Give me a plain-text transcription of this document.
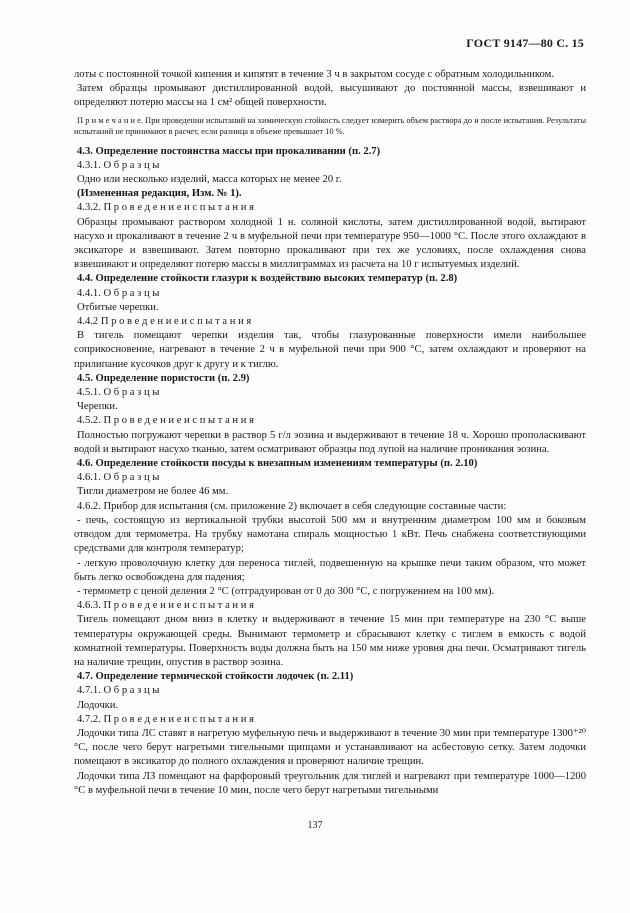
ГОСТ 9147—80 С. 15

лоты с постоянной точкой кипения и кипятят в течение 3 ч в закрытом сосуде с обратным холодильником.

Затем образцы промывают дистиллированной водой, высушивают до постоянной массы, взвешивают и определяют потерю массы на 1 см² общей поверхности.

П р и м е ч а н и е. При проведении испытаний на химическую стойкость следует измерить объем раствора до и после испытания. Результаты испытаний не принимают в расчет, если разница в объеме превышает 10 %.

4.3. Определение постоянства массы при прокаливании (п. 2.7)

4.3.1. О б р а з ц ы

Одно или несколько изделий, масса которых не менее 20 г.

(Измененная редакция, Изм. № 1).

4.3.2. П р о в е д е н и е и с п ы т а н и я

Образцы промывают раствором холодной 1 н. соляной кислоты, затем дистиллированной водой, вытирают насухо и прокаливают в течение 2 ч в муфельной печи при температуре 950—1000 °С. После этого охлаждают в эксикаторе и взвешивают. Затем повторно прокаливают при тех же условиях, после охлаждения снова взвешивают и определяют потерю массы в миллиграммах из расчета на 10 г испытуемых изделий.

4.4. Определение стойкости глазури к воздействию высоких температур (п. 2.8)

4.4.1. О б р а з ц ы

Отбитые черепки.

4.4.2 П р о в е д е н и е и с п ы т а н и я

В тигель помещают черепки изделия так, чтобы глазурованные поверхности имели наибольшее соприкосновение, нагревают в течение 2 ч в муфельной печи при 900 °С, затем охлаждают и проверяют на прилипание кусочков друг к другу и к тиглю.

4.5. Определение пористости (п. 2.9)

4.5.1. О б р а з ц ы

Черепки.

4.5.2. П р о в е д е н и е и с п ы т а н и я

Полностью погружают черепки в раствор 5 г/л эозина и выдерживают в течение 18 ч. Хорошо прополаскивают водой и вытирают насухо тканью, затем осматривают образцы под лупой на наличие проникания эозина.

4.6. Определение стойкости посуды к внезапным изменениям температуры (п. 2.10)

4.6.1. О б р а з ц ы

Тигли диаметром не более 46 мм.

4.6.2. Прибор для испытания (см. приложение 2) включает в себя следующие составные части:

- печь, состоящую из вертикальной трубки высотой 500 мм и внутренним диаметром 100 мм и боковым отводом для термометра. На трубку намотана спираль мощностью 1 кВт. Печь снабжена соответствующими средствами для контроля температур;

- легкую проволочную клетку для переноса тиглей, подвешенную на крышке печи таким образом, что может быть легко освобождена для падения;

- термометр с ценой деления 2 °С (отградуирован от 0 до 300 °С, с погружением на 100 мм).

4.6.3. П р о в е д е н и е и с п ы т а н и я

Тигель помещают дном вниз в клетку и выдерживают в течение 15 мин при температуре на 230 °С выше температуры окружающей среды. Вынимают термометр и сбрасывают клетку с тиглем в емкость с водой комнатной температуры. Поверхность воды должна быть на 150 мм ниже уровня дна печи. Осматривают тигель на наличие трещин, опустив в раствор эозина.

4.7. Определение термической стойкости лодочек (п. 2.11)

4.7.1. О б р а з ц ы

Лодочки.

4.7.2. П р о в е д е н и е и с п ы т а н и я

Лодочки типа ЛС ставят в нагретую муфельную печь и выдерживают в течение 30 мин при температуре 1300⁺²⁰ °С, после чего берут нагретыми тигельными щипцами и устанавливают на асбестовую сетку. Затем лодочки помещают в эксикатор до полного охлаждения и проверяют наличие трещин.

Лодочки типа ЛЗ помещают на фарфоровый треугольник для тиглей и нагревают при температуре 1000—1200 °С в муфельной печи в течение 10 мин, после чего берут нагретыми тигельными

137
